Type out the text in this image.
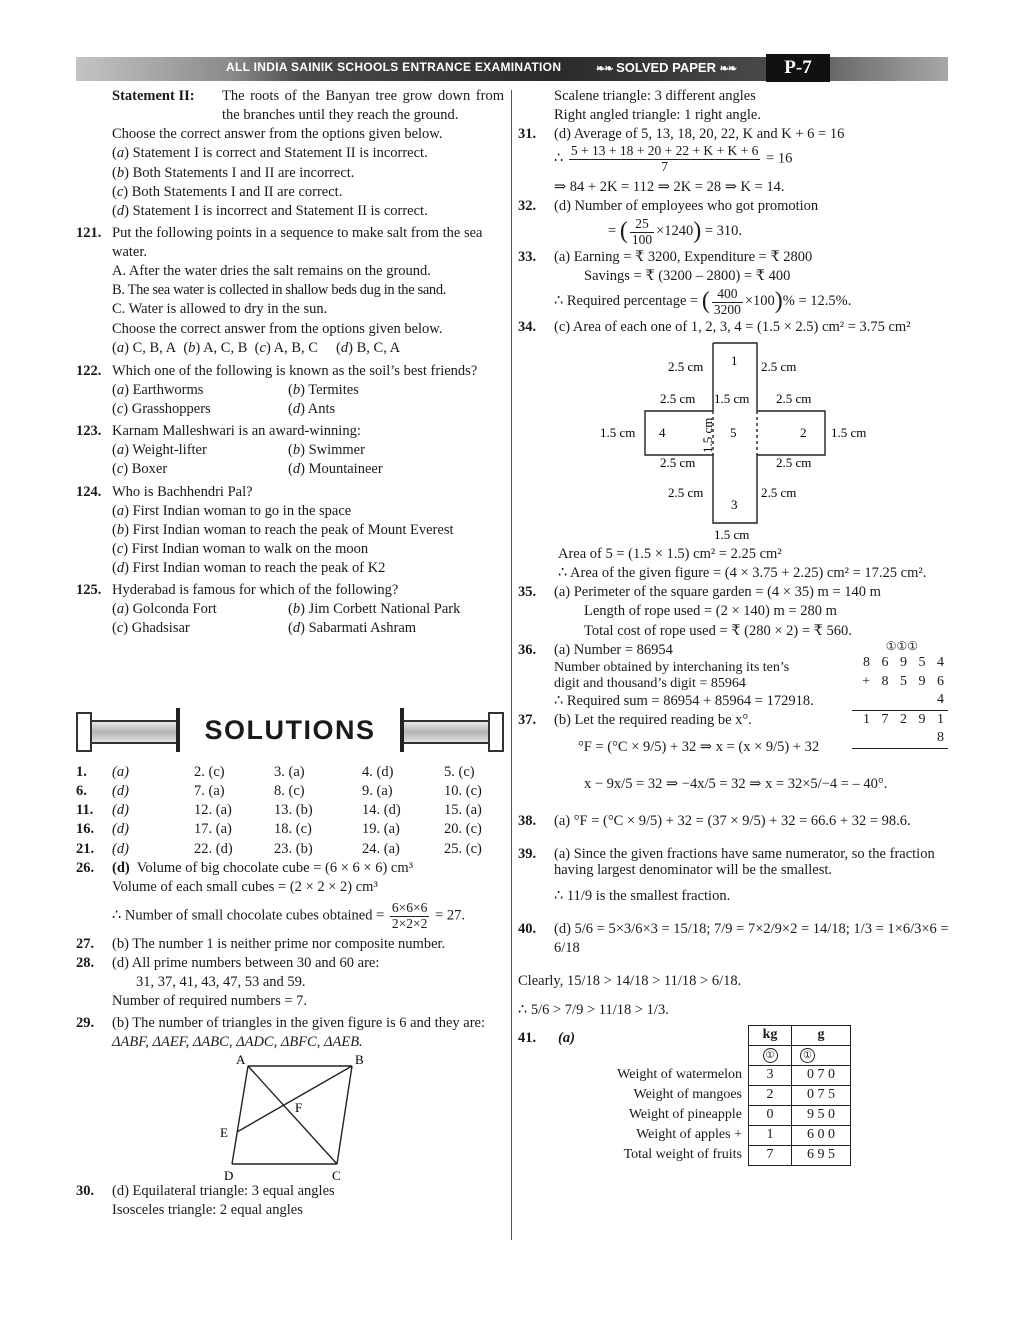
ALL INDIA SAINIK SCHOOLS ENTRANCE EXAMINATION	❧❧ SOLVED PAPER ❧❧	P-7
Statement II:	The roots of the Banyan tree grow down from the branches until they reach the ground.
Choose the correct answer from the options given below.
(a) Statement I is correct and Statement II is incorrect.
(b) Both Statements I and II are incorrect.
(c) Both Statements I and II are correct.
(d) Statement I is incorrect and Statement II is correct.
121. Put the following points in a sequence to make salt from the sea water.
A. After the water dries the salt remains on the ground.
B. The sea water is collected in shallow beds dug in the sand.
C. Water is allowed to dry in the sun.
Choose the correct answer from the options given below.
(a) C, B, A  (b) A, C, B  (c) A, B, C     (d) B, C, A
122. Which one of the following is known as the soil’s best friends?
(a) Earthworms	(b) Termites
(c) Grasshoppers	(d) Ants
123. Karnam Malleshwari is an award-winning:
(a) Weight-lifter	(b) Swimmer
(c) Boxer	(d) Mountaineer
124. Who is Bachhendri Pal?
(a) First Indian woman to go in the space
(b) First Indian woman to reach the peak of Mount Everest
(c) First Indian woman to walk on the moon
(d) First Indian woman to reach the peak of K2
125. Hyderabad is famous for which of the following?
(a) Golconda Fort	(b) Jim Corbett National Park
(c) Ghadsisar	(d) Sabarmati Ashram
SOLUTIONS
1.	(a)	2. (c)	3. (a)	4. (d)	5. (c)
6.	(d)	7. (a)	8. (c)	9. (a)	10. (c)
11.	(d)	12. (a)	13. (b)	14. (d)	15. (a)
16.	(d)	17. (a)	18. (c)	19. (a)	20. (c)
21.	(d)	22. (d)	23. (b)	24. (a)	25. (c)
26. (d) Volume of big chocolate cube = (6 × 6 × 6) cm³
Volume of each small cubes = (2 × 2 × 2) cm³
∴ Number of small chocolate cubes obtained = $\frac{6\times 6\times 6}{2\times 2\times 2} = 27$.
27. (b) The number 1 is neither prime nor composite number.
28. (d) All prime numbers between 30 and 60 are:
31, 37, 41, 43, 47, 53 and 59.
Number of required numbers = 7.
29. (b) The number of triangles in the given figure is 6 and they are:
ΔABF, ΔAEF, ΔABC, ΔADC, ΔBFC, ΔAEB.
A	B
C
D
E
F
30. (d) Equilateral triangle: 3 equal angles
Isosceles triangle: 2 equal angles
Scalene triangle: 3 different angles
Right angled triangle: 1 right angle.
31. (d) Average of 5, 13, 18, 20, 22, K and K + 6 = 16
∴ $\frac{5 + 13 + 18 + 20 + 22 + K + K + 6}{7} = 16$
⇒ 84 + 2K = 112 ⇒ 2K = 28 ⇒ K = 14.
32. (d) Number of employees who got promotion
= ( $\frac{25}{100} \times 1240) = 310$.
33. (a) Earning = ₹ 3200, Expenditure = ₹ 2800
Savings = ₹ (3200 – 2800) = ₹ 400
∴ Required percentage = ( $\frac{400}{3200} \times 100)\% = 12.5\%$.
34. (c) Area of each one of 1, 2, 3, 4 = (1.5 × 2.5) cm² = 3.75 cm²
1.5 cm
1.5 cm	1.5 cm
2.5 cm	2.5 cm
2.5 cm 1.5 cm 2.5 cm
2.5 cm	2.5 cm
2.5 cm	2.5 cm
1.5 cm
1
2
3
4	5
Area of 5 = (1.5 × 1.5) cm² = 2.25 cm²
∴ Area of the given figure = (4 × 3.75 + 2.25) cm² = 17.25 cm².
35. (a) Perimeter of the square garden = (4 × 35) m = 140 m
Length of rope used = (2 × 140) m = 280 m
Total cost of rope used = ₹ (280 × 2) = ₹ 560.
36. (a) Number = 86954
Number obtained by interchaning its ten’s digit and thousand’s digit = 85964
∴ Required sum = 86954 + 85964 = 172918.
①①①
8 6 9 5 4
+ 8 5 9 6 4
1 7 2 9 1 8
37. (b) Let the required reading be x°.
°F = (°C × 9/5) + 32 ⇒ x = (x × 9/5) + 32
x − 9x/5 = 32 ⇒ −4x/5 = 32 ⇒ x = 32×5/−4 = – 40°.
38. (a) °F = (°C × 9/5) + 32 = (37 × 9/5) + 32 = 66.6 + 32 = 98.6.
39. (a) Since the given fractions have same numerator, so the fraction having largest denominator will be the smallest.
∴ 11/9 is the smallest fraction.
40. (d) 5/6 = 5×3/6×3 = 15/18; 7/9 = 7×2/9×2 = 14/18; 1/3 = 1×6/3×6 = 6/18
Clearly, 15/18 > 14/18 > 11/18 > 6/18.
∴ 5/6 > 7/9 > 11/18 > 1/3.
41. (a)
		kg	g
	①	①
Weight of watermelon	3	0 7 0
Weight of mangoes	2	0 7 5
Weight of pineapple	0	9 5 0
Weight of apples +	1	6 0 0
Total weight of fruits	7	6 9 5
